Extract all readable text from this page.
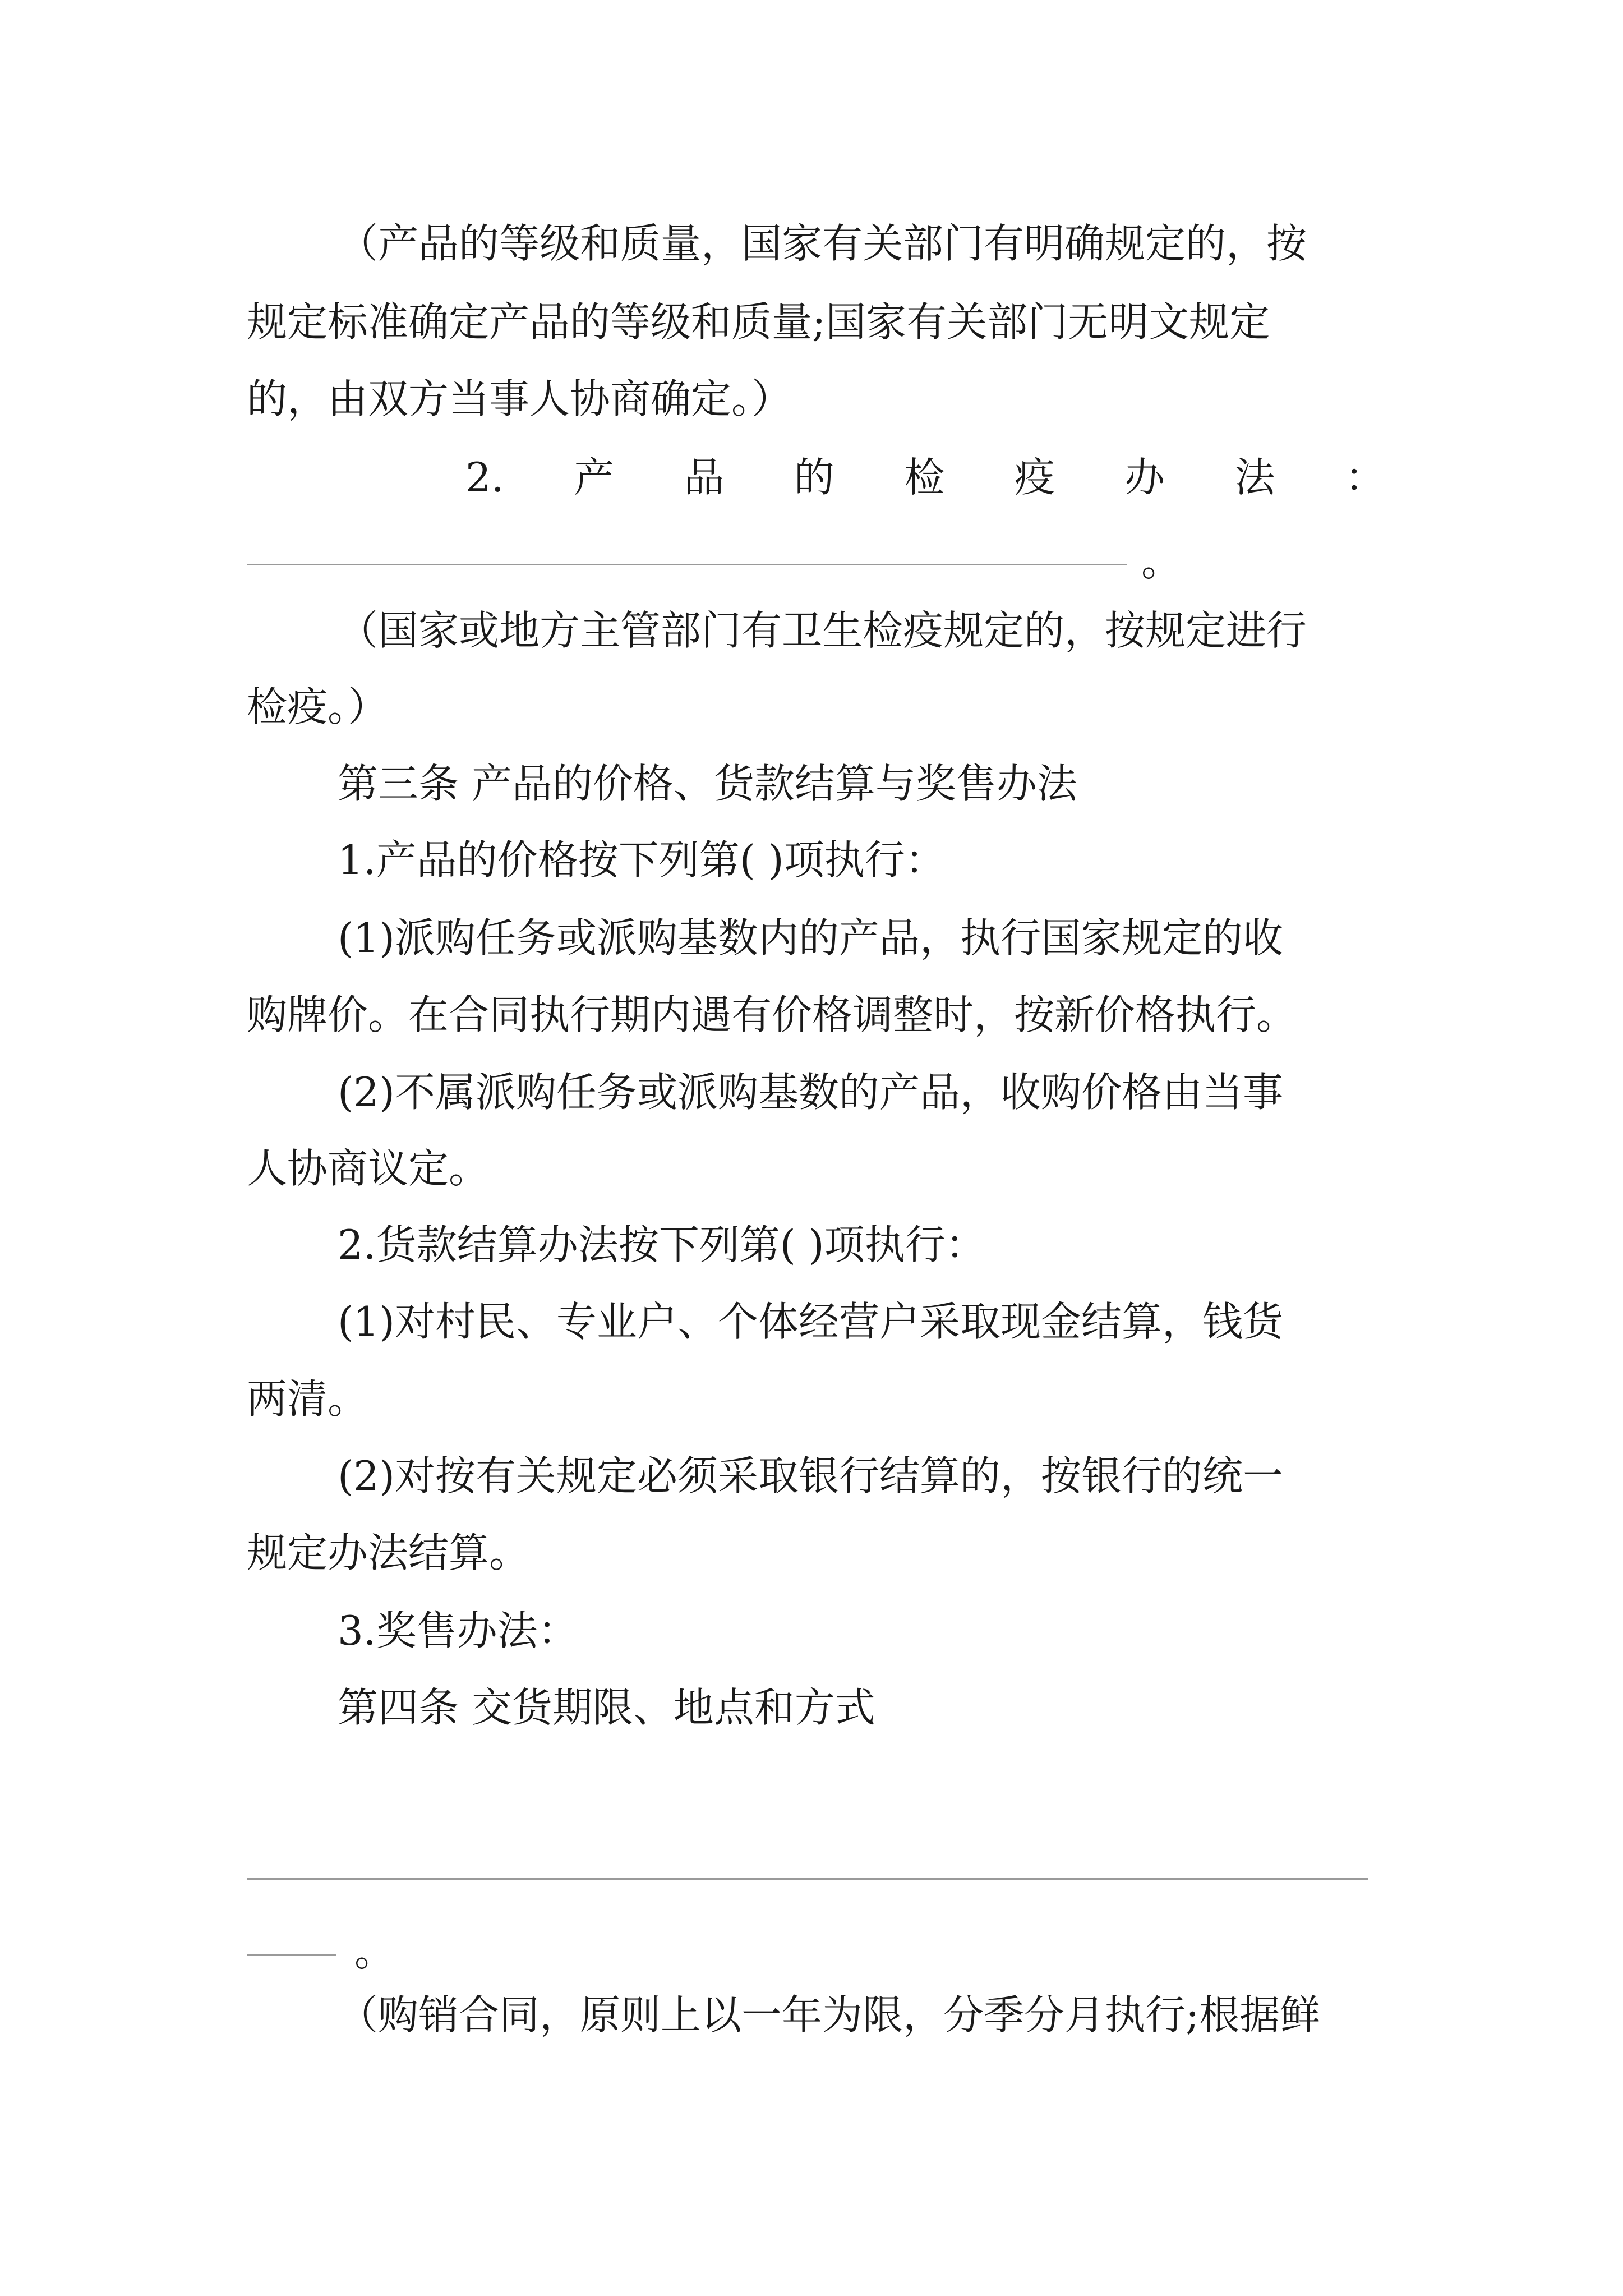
（产品的等级和质量，国家有关部门有明确规定的，按
规定标准确定产品的等级和质量;国家有关部门无明文规定
的，由双方当事人协商确定。）
2. 产 品 的 检 疫 办 法 ：
。
（国家或地方主管部门有卫生检疫规定的，按规定进行
检疫。）
第三条 产品的价格、货款结算与奖售办法
1.产品的价格按下列第( )项执行：
(1)派购任务或派购基数内的产品，执行国家规定的收
购牌价。在合同执行期内遇有价格调整时，按新价格执行。
(2)不属派购任务或派购基数的产品，收购价格由当事
人协商议定。
2.货款结算办法按下列第( )项执行：
(1)对村民、专业户、个体经营户采取现金结算，钱货
两清。
(2)对按有关规定必须采取银行结算的，按银行的统一
规定办法结算。
3.奖售办法：
第四条 交货期限、地点和方式
。
（购销合同，原则上以一年为限，分季分月执行;根据鲜
